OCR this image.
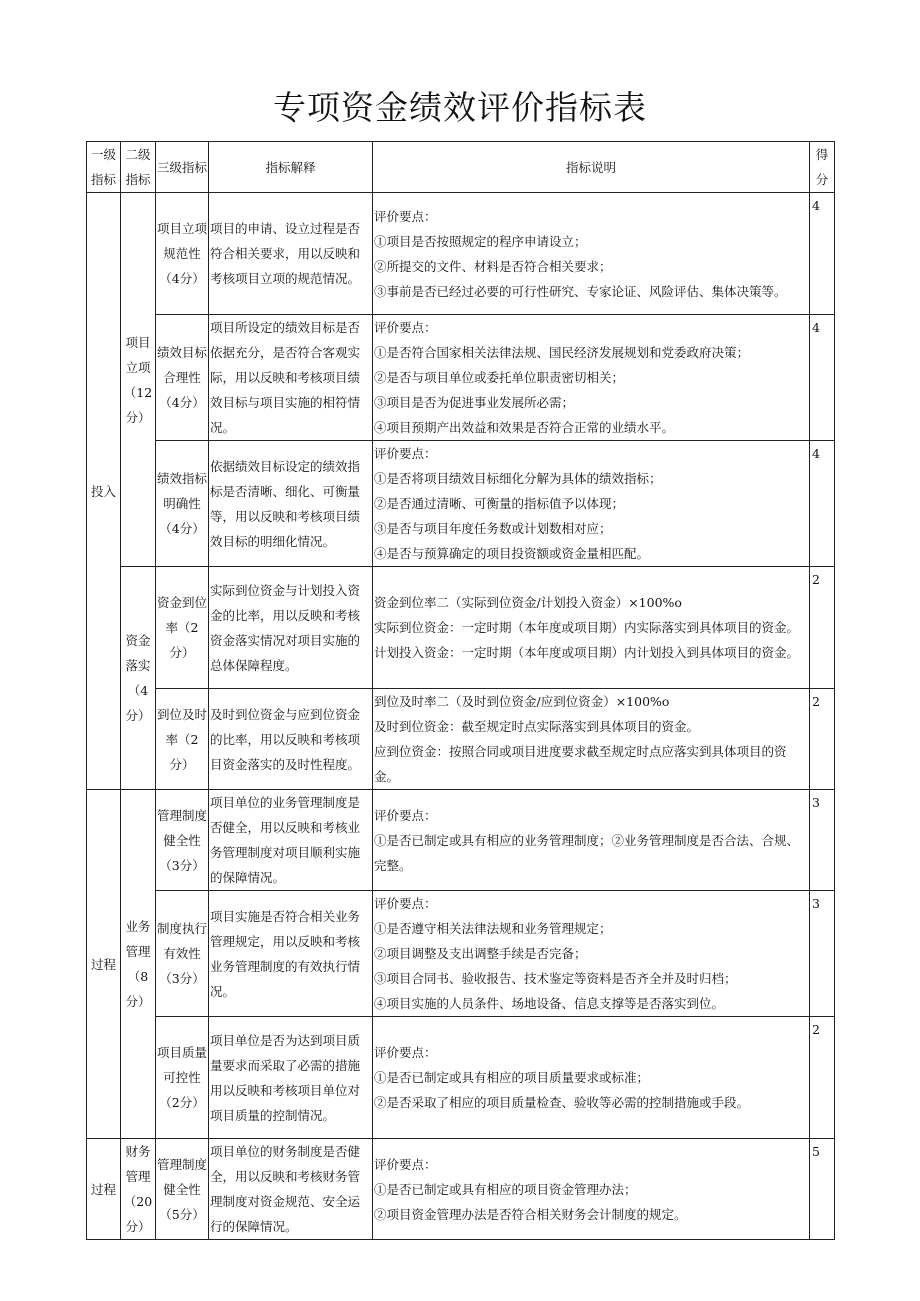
专项资金绩效评价指标表
一级指标	二级指标	三级指标	指标解释	指标说明	得分
投入	项目立项（12分）	项目立项规范性（4分）	项目的申请、设立过程是否符合相关要求，用以反映和考核项目立项的规范情况。	评价要点：
①项目是否按照规定的程序申请设立；
②所提交的文件、材料是否符合相关要求；
③事前是否已经过必要的可行性研究、专家论证、风险评估、集体决策等。	4
		绩效目标合理性（4分）	项目所设定的绩效目标是否依据充分，是否符合客观实际，用以反映和考核项目绩效目标与项目实施的相符情况。	评价要点：
①是否符合国家相关法律法规、国民经济发展规划和党委政府决策；
②是否与项目单位或委托单位职责密切相关；
③项目是否为促进事业发展所必需；
④项目预期产出效益和效果是否符合正常的业绩水平。	4
		绩效指标明确性（4分）	依据绩效目标设定的绩效指标是否清晰、细化、可衡量等，用以反映和考核项目绩效目标的明细化情况。	评价要点：
①是否将项目绩效目标细化分解为具体的绩效指标；
②是否通过清晰、可衡量的指标值予以体现；
③是否与项目年度任务数或计划数相对应；
④是否与预算确定的项目投资额或资金量相匹配。	4
	资金落实（4分）	资金到位率（2分）	实际到位资金与计划投入资金的比率，用以反映和考核资金落实情况对项目实施的总体保障程度。	资金到位率二（实际到位资金/计划投入资金）×100%o
实际到位资金：一定时期（本年度或项目期）内实际落实到具体项目的资金。
计划投入资金：一定时期（本年度或项目期）内计划投入到具体项目的资金。	2
		到位及时率（2分）	及时到位资金与应到位资金的比率，用以反映和考核项目资金落实的及时性程度。	到位及时率二（及时到位资金/应到位资金）×100%o
及时到位资金：截至规定时点实际落实到具体项目的资金。
应到位资金：按照合同或项目进度要求截至规定时点应落实到具体项目的资金。	2
过程	业务管理（8分）	管理制度健全性（3分）	项目单位的业务管理制度是否健全，用以反映和考核业务管理制度对项目顺利实施的保障情况。	评价要点：
①是否已制定或具有相应的业务管理制度；②业务管理制度是否合法、合规、完整。	3
		制度执行有效性（3分）	项目实施是否符合相关业务管理规定，用以反映和考核业务管理制度的有效执行情况。	评价要点：
①是否遵守相关法律法规和业务管理规定；
②项目调整及支出调整手续是否完备；
③项目合同书、验收报告、技术鉴定等资料是否齐全并及时归档；
④项目实施的人员条件、场地设备、信息支撑等是否落实到位。	3
		项目质量可控性（2分）	项目单位是否为达到项目质量要求而采取了必需的措施用以反映和考核项目单位对项目质量的控制情况。	评价要点：
①是否已制定或具有相应的项目质量要求或标准；
②是否采取了相应的项目质量检查、验收等必需的控制措施或手段。	2
过程	财务管理（20分）	管理制度健全性（5分）	项目单位的财务制度是否健全，用以反映和考核财务管理制度对资金规范、安全运行的保障情况。	评价要点：
①是否已制定或具有相应的项目资金管理办法；
②项目资金管理办法是否符合相关财务会计制度的规定。	5
